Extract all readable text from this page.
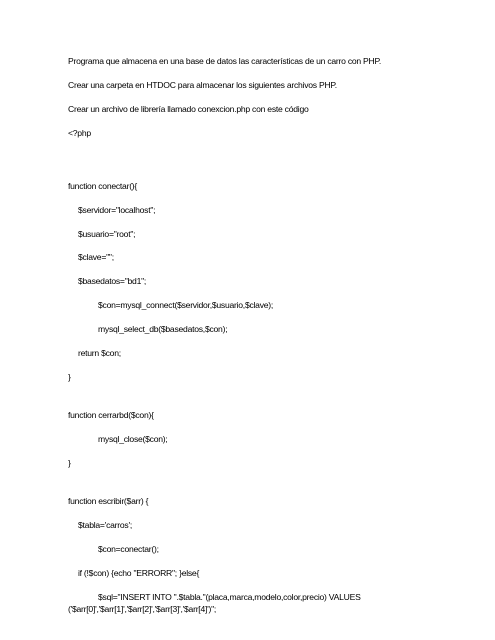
Programa que almacena en una base de datos las características de un carro con PHP.
Crear una carpeta en HTDOC para almacenar los siguientes archivos PHP.
Crear un archivo de librería llamado conexcion.php con este código
<?php
function conectar(){
$servidor="localhost";
$usuario="root";
$clave="";
$basedatos="bd1";
$con=mysql_connect($servidor,$usuario,$clave);
mysql_select_db($basedatos,$con);
return $con;
}
function cerrarbd($con){
mysql_close($con);
}
function escribir($arr) {
$tabla='carros';
$con=conectar();
if (!$con) {echo "ERRORR"; }else{
$sql="INSERT INTO ".$tabla."(placa,marca,modelo,color,precio) VALUES
('$arr[0]','$arr[1]','$arr[2]','$arr[3]','$arr[4]')";
